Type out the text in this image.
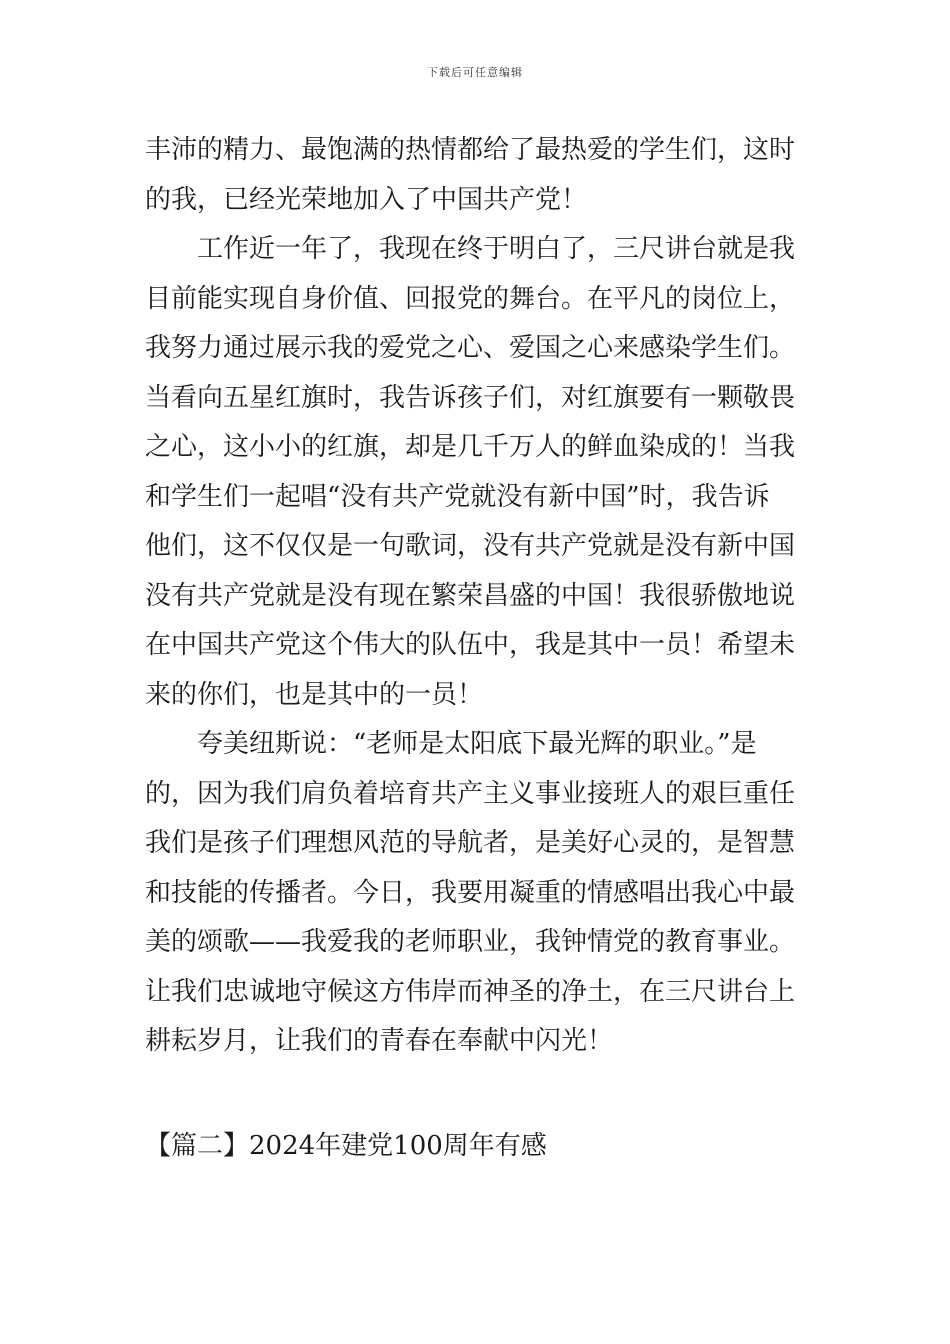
下载后可任意编辑
丰沛的精力、最饱满的热情都给了最热爱的学生们，这时
的我，已经光荣地加入了中国共产党！
　　工作近一年了，我现在终于明白了，三尺讲台就是我
目前能实现自身价值、回报党的舞台。在平凡的岗位上，
我努力通过展示我的爱党之心、爱国之心来感染学生们。
当看向五星红旗时，我告诉孩子们，对红旗要有一颗敬畏
之心，这小小的红旗，却是几千万人的鲜血染成的！当我
和学生们一起唱“没有共产党就没有新中国”时，我告诉
他们，这不仅仅是一句歌词，没有共产党就是没有新中国
没有共产党就是没有现在繁荣昌盛的中国！我很骄傲地说
在中国共产党这个伟大的队伍中，我是其中一员！希望未
来的你们，也是其中的一员！
　　夸美纽斯说：“老师是太阳底下最光辉的职业。”是
的，因为我们肩负着培育共产主义事业接班人的艰巨重任
我们是孩子们理想风范的导航者，是美好心灵的，是智慧
和技能的传播者。今日，我要用凝重的情感唱出我心中最
美的颂歌——我爱我的老师职业，我钟情党的教育事业。
让我们忠诚地守候这方伟岸而神圣的净土，在三尺讲台上
耕耘岁月，让我们的青春在奉献中闪光！
【篇二】2024年建党100周年有感
